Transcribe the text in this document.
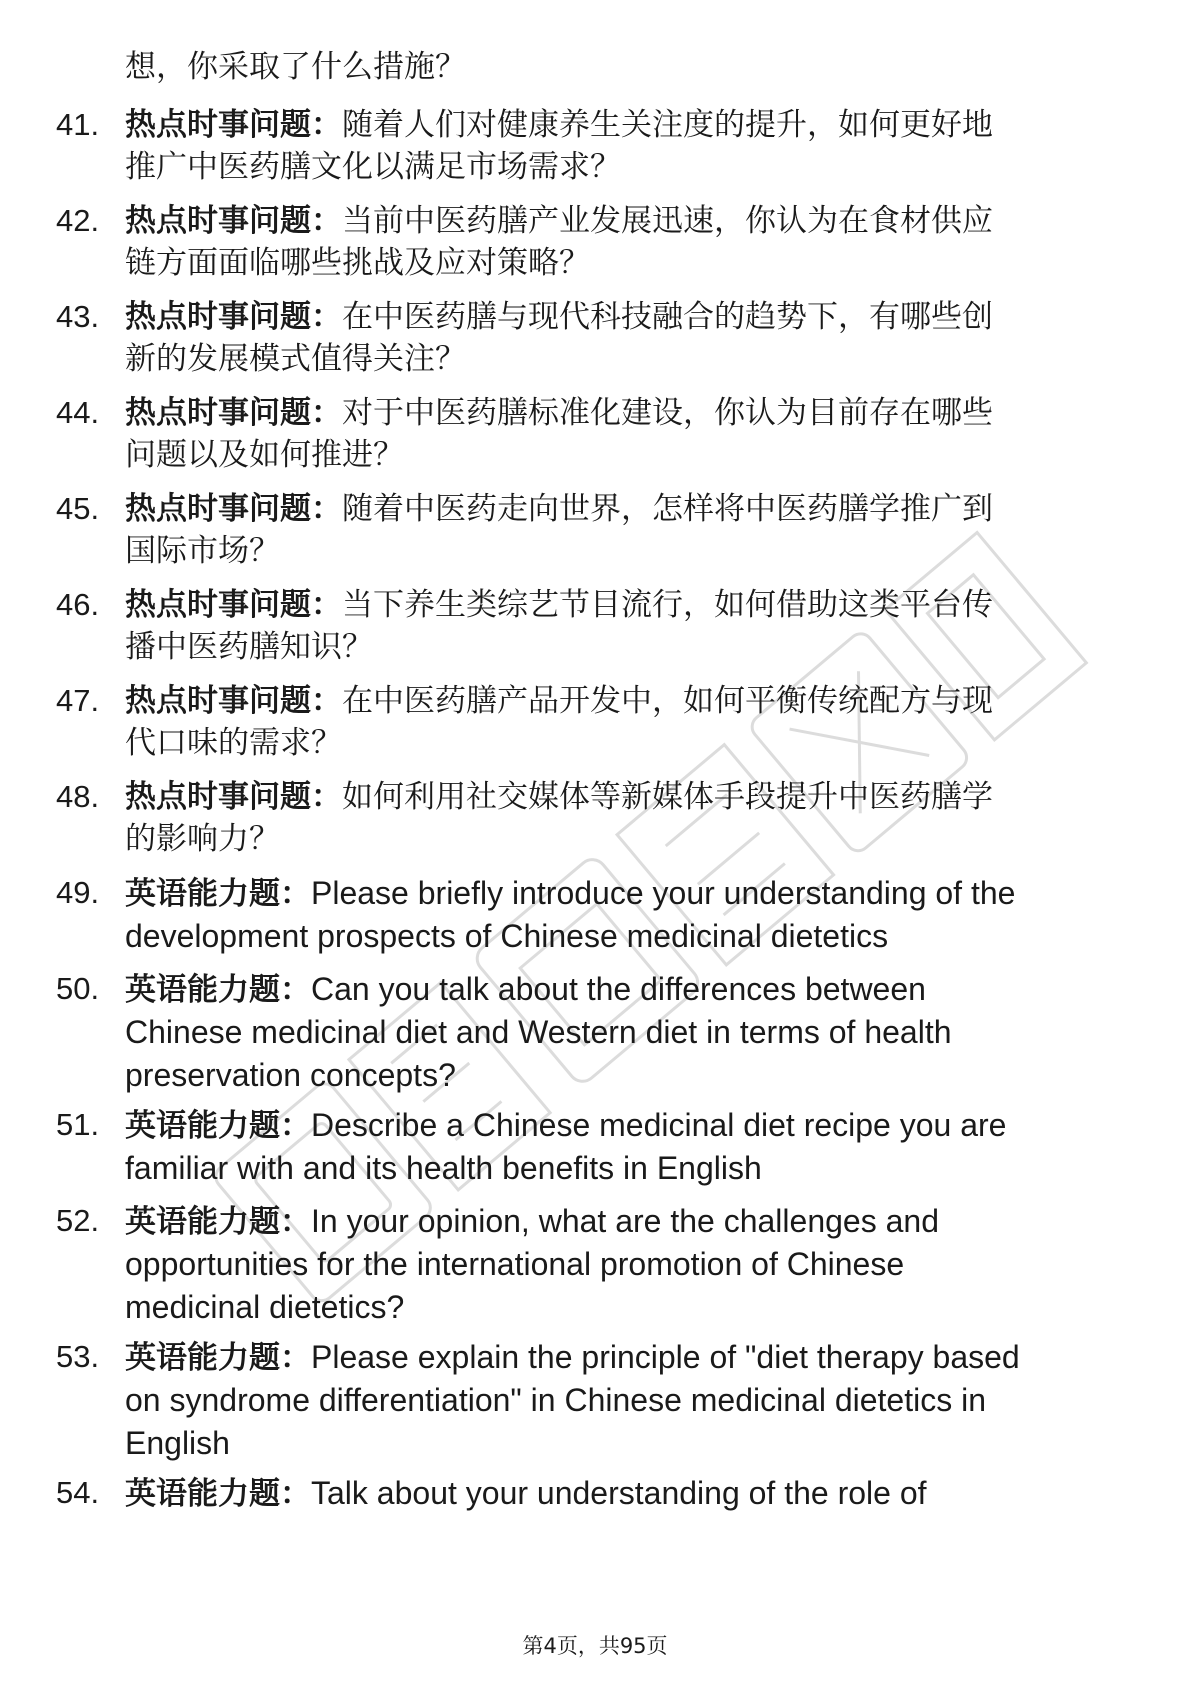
想，你采取了什么措施？
41. 热点时事问题：随着人们对健康养生关注度的提升，如何更好地
推广中医药膳文化以满足市场需求？
42. 热点时事问题：当前中医药膳产业发展迅速，你认为在食材供应
链方面面临哪些挑战及应对策略？
43. 热点时事问题：在中医药膳与现代科技融合的趋势下，有哪些创
新的发展模式值得关注？
44. 热点时事问题：对于中医药膳标准化建设，你认为目前存在哪些
问题以及如何推进？
45. 热点时事问题：随着中医药走向世界，怎样将中医药膳学推广到
国际市场？
46. 热点时事问题：当下养生类综艺节目流行，如何借助这类平台传
播中医药膳知识？
47. 热点时事问题：在中医药膳产品开发中，如何平衡传统配方与现
代口味的需求？
48. 热点时事问题：如何利用社交媒体等新媒体手段提升中医药膳学
的影响力？
49. 英语能力题：Please briefly introduce your understanding of the
development prospects of Chinese medicinal dietetics
50. 英语能力题：Can you talk about the differences between
Chinese medicinal diet and Western diet in terms of health
preservation concepts?
51. 英语能力题：Describe a Chinese medicinal diet recipe you are
familiar with and its health benefits in English
52. 英语能力题：In your opinion, what are the challenges and
opportunities for the international promotion of Chinese
medicinal dietetics?
53. 英语能力题：Please explain the principle of "diet therapy based
on syndrome differentiation" in Chinese medicinal dietetics in
English
54. 英语能力题：Talk about your understanding of the role of
第4页，共95页
